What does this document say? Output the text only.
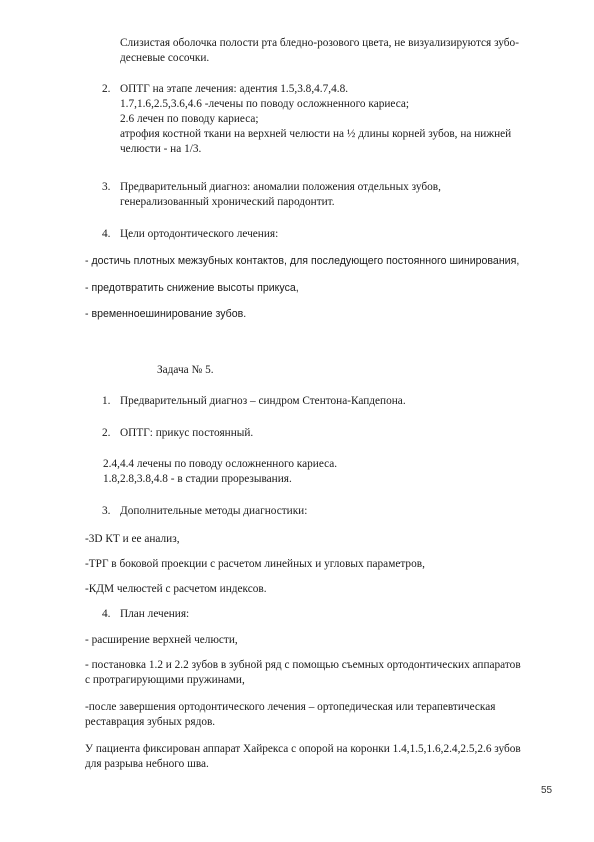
Слизистая оболочка полости рта бледно-розового цвета, не визуализируются зубо-
десневые сосочки.
2. ОПТГ на этапе лечения: адентия 1.5,3.8,4.7,4.8.
1.7,1.6,2.5,3.6,4.6 -лечены по поводу осложненного кариеса;
2.6 лечен по поводу кариеса;
атрофия костной ткани на верхней челюсти на ½ длины корней зубов, на нижней
челюсти - на 1/3.
3. Предварительный диагноз: аномалии положения отдельных зубов,
генерализованный хронический пародонтит.
4. Цели ортодонтического лечения:
- достичь плотных межзубных контактов, для последующего постоянного шинирования,
- предотвратить снижение высоты прикуса,
- временноешинирование зубов.
Задача № 5.
1. Предварительный диагноз – синдром Стентона-Капдепона.
2. ОПТГ: прикус постоянный.
2.4,4.4 лечены по поводу осложненного кариеса.
1.8,2.8,3.8,4.8 - в стадии прорезывания.
3. Дополнительные методы диагностики:
-3D КТ и ее анализ,
-ТРГ в боковой проекции с расчетом линейных и угловых параметров,
-КДМ челюстей с расчетом индексов.
4. План лечения:
- расширение верхней челюсти,
- постановка 1.2 и 2.2 зубов в зубной ряд с помощью съемных ортодонтических аппаратов
с протрагирующими пружинами,
-после завершения ортодонтического лечения – ортопедическая или терапевтическая
реставрация зубных рядов.
У пациента фиксирован аппарат Хайрекса с опорой на коронки 1.4,1.5,1.6,2.4,2.5,2.6 зубов
для разрыва небного шва.
55
